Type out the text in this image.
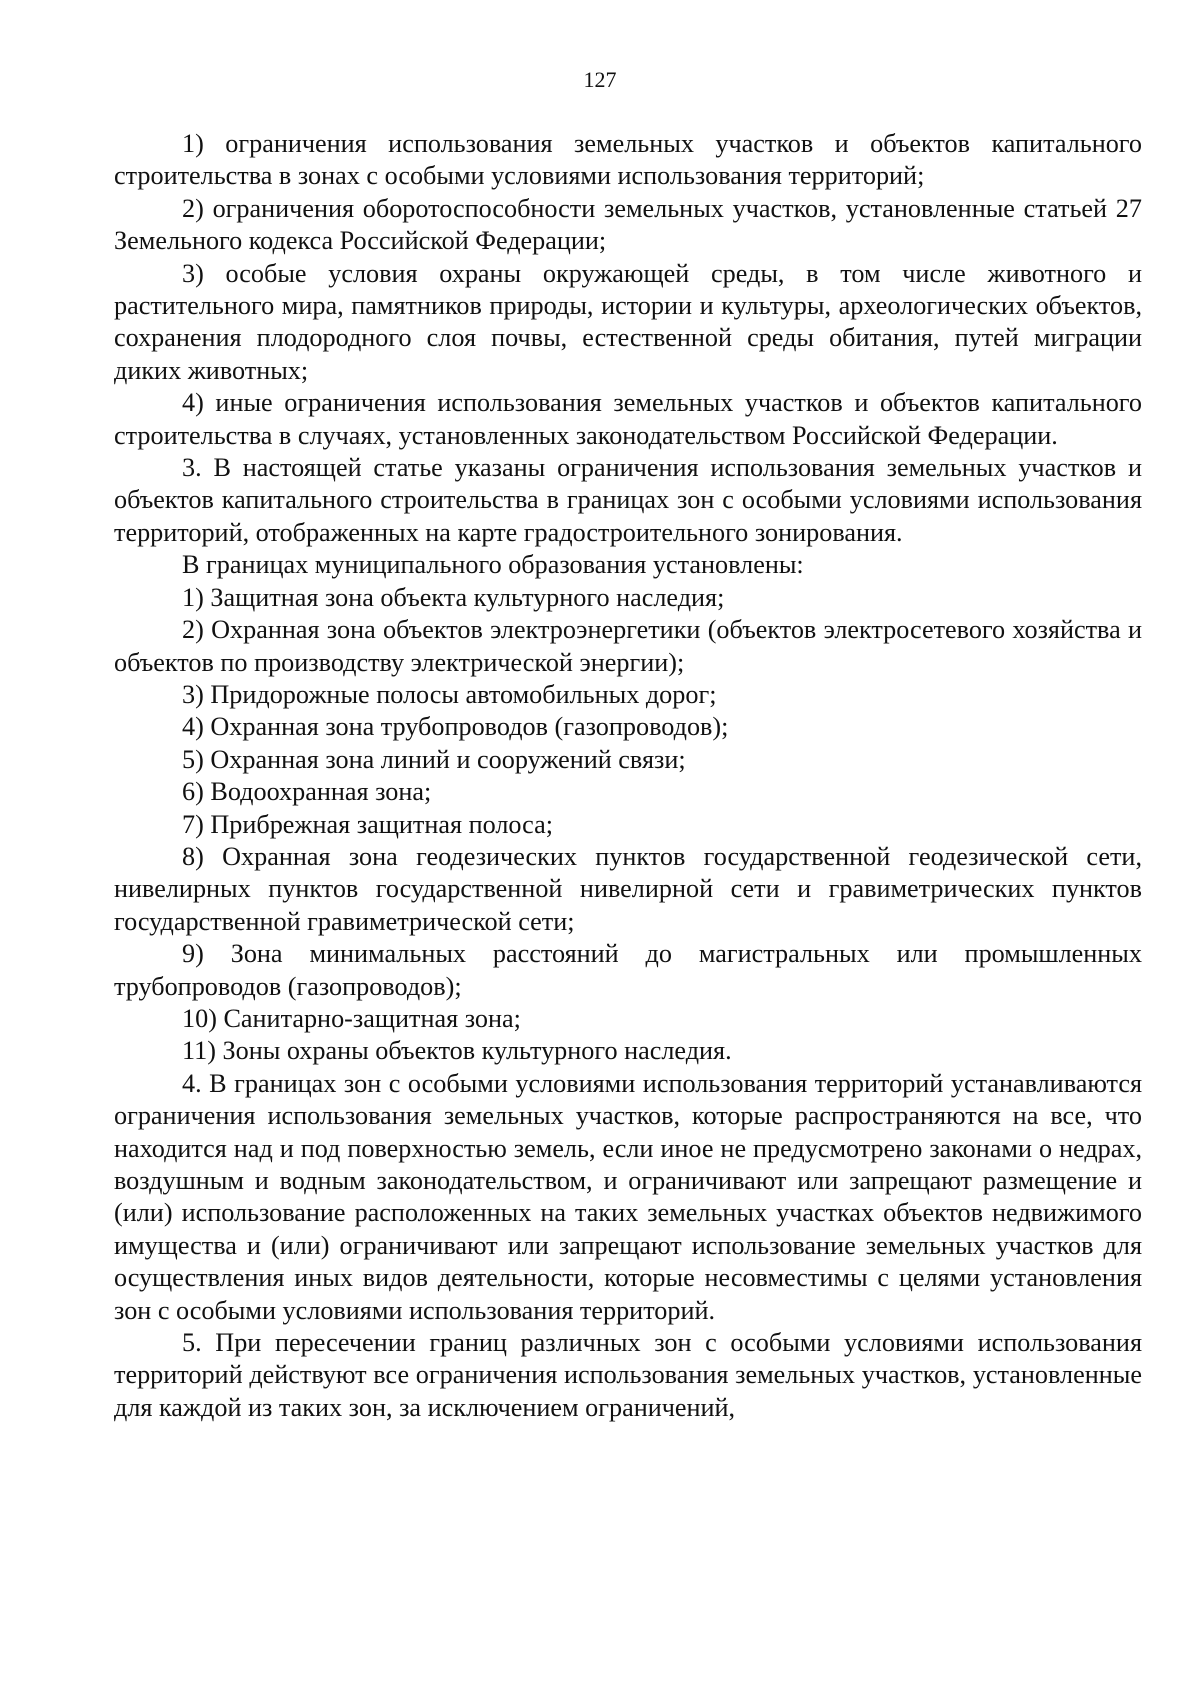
127

1) ограничения использования земельных участков и объектов капитального строительства в зонах с особыми условиями использования территорий;

2) ограничения оборотоспособности земельных участков, установленные статьей 27 Земельного кодекса Российской Федерации;

3) особые условия охраны окружающей среды, в том числе животного и растительного мира, памятников природы, истории и культуры, археологических объектов, сохранения плодородного слоя почвы, естественной среды обитания, путей миграции диких животных;

4) иные ограничения использования земельных участков и объектов капитального строительства в случаях, установленных законодательством Российской Федерации.

3. В настоящей статье указаны ограничения использования земельных участков и объектов капитального строительства в границах зон с особыми условиями использования территорий, отображенных на карте градостроительного зонирования.

В границах муниципального образования установлены:

1) Защитная зона объекта культурного наследия;

2) Охранная зона объектов электроэнергетики (объектов электросетевого хозяйства и объектов по производству электрической энергии);

3) Придорожные полосы автомобильных дорог;

4) Охранная зона трубопроводов (газопроводов);

5) Охранная зона линий и сооружений связи;

6) Водоохранная зона;

7) Прибрежная защитная полоса;

8) Охранная зона геодезических пунктов государственной геодезической сети, нивелирных пунктов государственной нивелирной сети и гравиметрических пунктов государственной гравиметрической сети;

9) Зона минимальных расстояний до магистральных или промышленных трубопроводов (газопроводов);

10) Санитарно-защитная зона;

11) Зоны охраны объектов культурного наследия.

4. В границах зон с особыми условиями использования территорий устанавливаются ограничения использования земельных участков, которые распространяются на все, что находится над и под поверхностью земель, если иное не предусмотрено законами о недрах, воздушным и водным законодательством, и ограничивают или запрещают размещение и (или) использование расположенных на таких земельных участках объектов недвижимого имущества и (или) ограничивают или запрещают использование земельных участков для осуществления иных видов деятельности, которые несовместимы с целями установления зон с особыми условиями использования территорий.

5. При пересечении границ различных зон с особыми условиями использования территорий действуют все ограничения использования земельных участков, установленные для каждой из таких зон, за исключением ограничений,
